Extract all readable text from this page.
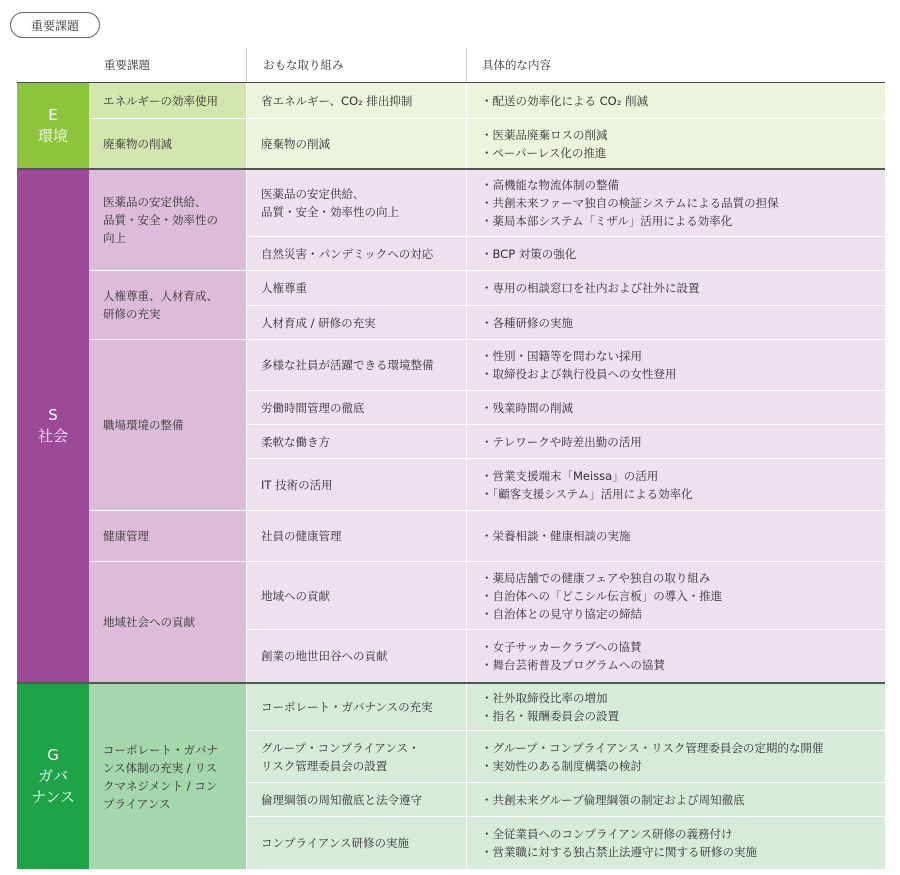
重要課題
重要課題	おもな取り組み	具体的な内容
E
環境
エネルギーの効率使用
廃棄物の削減
省エネルギー、CO₂ 排出抑制
廃棄物の削減
・配送の効率化による CO₂ 削減
・医薬品廃棄ロスの削減
・ペーパーレス化の推進
S
社会
医薬品の安定供給、
品質・安全・効率性の
向上
人権尊重、人材育成、
研修の充実
職場環境の整備
健康管理
地域社会への貢献
医薬品の安定供給、
品質・安全・効率性の向上
自然災害・パンデミックへの対応
人権尊重
人材育成 / 研修の充実
多様な社員が活躍できる環境整備
労働時間管理の徹底
柔軟な働き方
IT 技術の活用
社員の健康管理
地域への貢献
創業の地世田谷への貢献
・高機能な物流体制の整備
・共創未来ファーマ独自の検証システムによる品質の担保
・薬局本部システム「ミザル」活用による効率化
・BCP 対策の強化
・専用の相談窓口を社内および社外に設置
・各種研修の実施
・性別・国籍等を問わない採用
・取締役および執行役員への女性登用
・残業時間の削減
・テレワークや時差出勤の活用
・営業支援端末「Meissa」の活用
・「顧客支援システム」活用による効率化
・栄養相談・健康相談の実施
・薬局店舗での健康フェアや独自の取り組み
・自治体への「どこシル伝言板」の導入・推進
・自治体との見守り協定の締結
・女子サッカークラブへの協賛
・舞台芸術普及プログラムへの協賛
G
ガバ
ナンス
コーポレート・ガバナ
ンス体制の充実 / リス
クマネジメント / コン
プライアンス
コーポレート・ガバナンスの充実
グループ・コンプライアンス・
リスク管理委員会の設置
倫理綱領の周知徹底と法令遵守
コンプライアンス研修の実施
・社外取締役比率の増加
・指名・報酬委員会の設置
・グループ・コンプライアンス・リスク管理委員会の定期的な開催
・実効性のある制度構築の検討
・共創未来グループ倫理綱領の制定および周知徹底
・全従業員へのコンプライアンス研修の義務付け
・営業職に対する独占禁止法遵守に関する研修の実施
